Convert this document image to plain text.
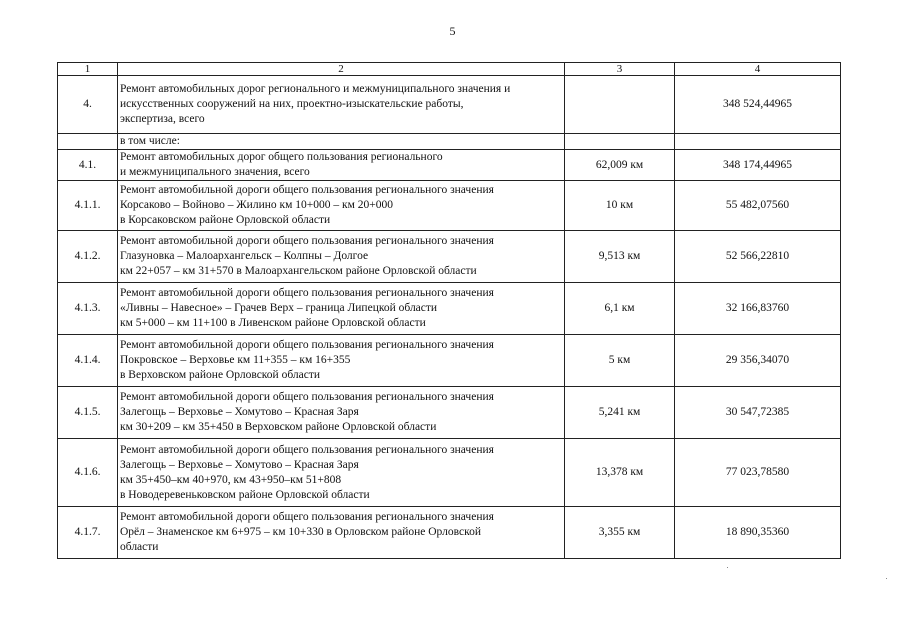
5
1	2	3	4
4.	Ремонт автомобильных дорог регионального и межмуниципального значения и
искусственных сооружений на них, проектно-изыскательские работы,
экспертиза, всего		348 524,44965

	в том числе:		

4.1.	Ремонт автомобильных дорог общего пользования регионального
и межмуниципального значения, всего	62,009 км	348 174,44965
4.1.1.	Ремонт автомобильной дороги общего пользования регионального значения
Корсаково – Войново – Жилино км 10+000 – км 20+000
в Корсаковском районе Орловской области	10 км	55 482,07560
4.1.2.	Ремонт автомобильной дороги общего пользования регионального значения
Глазуновка – Малоархангельск – Колпны – Долгое
км 22+057 – км 31+570 в Малоархангельском районе Орловской области	9,513 км	52 566,22810
4.1.3.	Ремонт автомобильной дороги общего пользования регионального значения
«Ливны – Навесное» – Грачев Верх – граница Липецкой области
км 5+000 – км 11+100 в Ливенском районе Орловской области	6,1 км	32 166,83760
4.1.4.	Ремонт автомобильной дороги общего пользования регионального значения
Покровское – Верховье км 11+355 – км 16+355
в Верховском районе Орловской области	5 км	29 356,34070
4.1.5.	Ремонт автомобильной дороги общего пользования регионального значения
Залегощь – Верховье – Хомутово – Красная Заря
км 30+209 – км 35+450 в Верховском районе Орловской области	5,241 км	30 547,72385
4.1.6.	Ремонт автомобильной дороги общего пользования регионального значения
Залегощь – Верховье – Хомутово – Красная Заря
км 35+450–км 40+970, км 43+950–км 51+808
в Новодеревеньковском районе Орловской области	13,378 км	77 023,78580
4.1.7.	Ремонт автомобильной дороги общего пользования регионального значения
Орёл – Знаменское км 6+975 – км 10+330 в Орловском районе Орловской
области	3,355 км	18 890,35360
